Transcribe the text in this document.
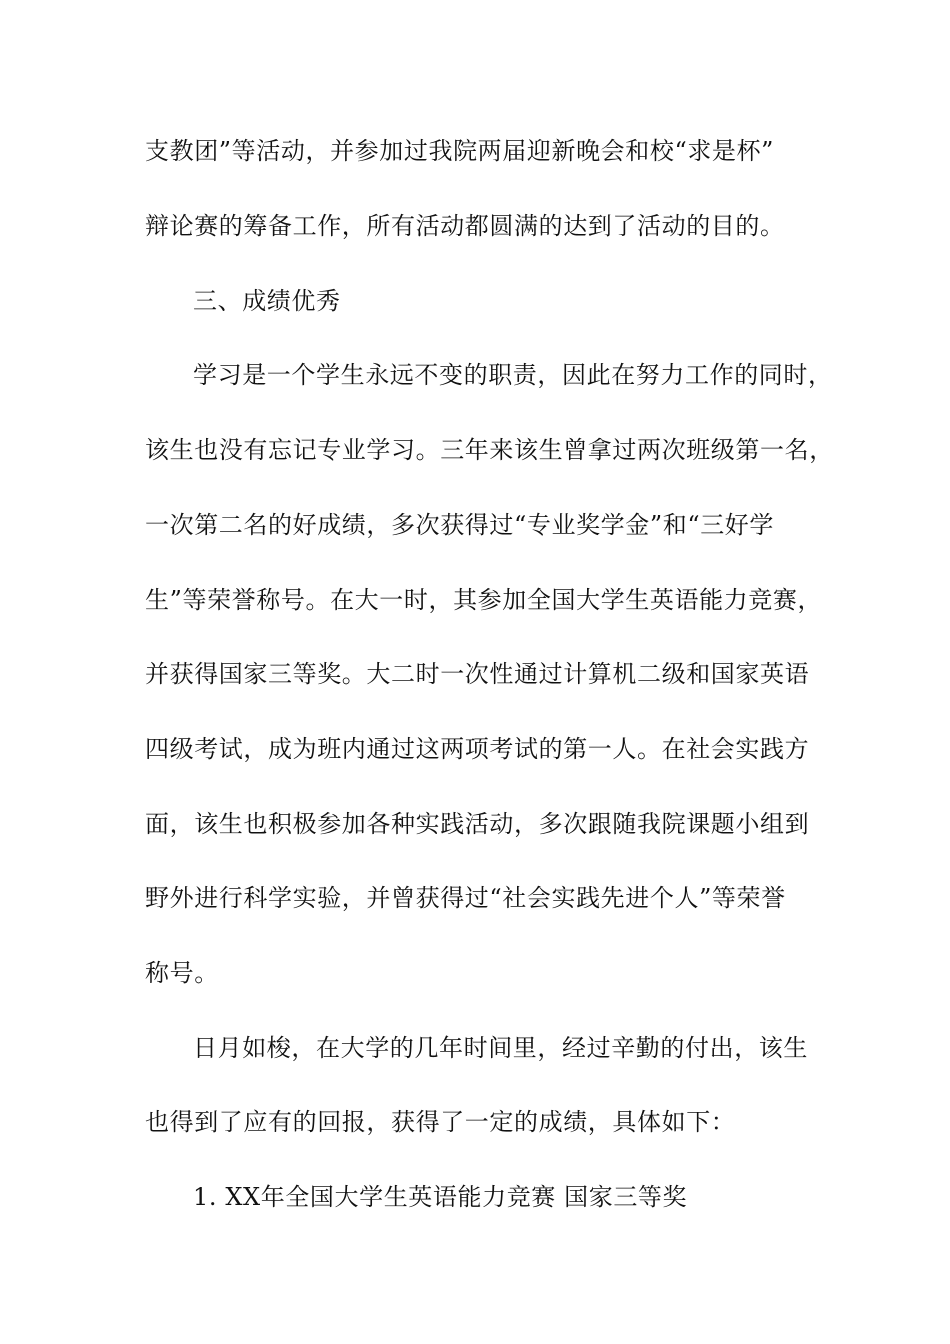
支教团”等活动，并参加过我院两届迎新晚会和校“求是杯”
辩论赛的筹备工作，所有活动都圆满的达到了活动的目的。
三、成绩优秀
学习是一个学生永远不变的职责，因此在努力工作的同时，
该生也没有忘记专业学习。三年来该生曾拿过两次班级第一名，
一次第二名的好成绩，多次获得过“专业奖学金”和“三好学
生”等荣誉称号。在大一时，其参加全国大学生英语能力竞赛，
并获得国家三等奖。大二时一次性通过计算机二级和国家英语
四级考试，成为班内通过这两项考试的第一人。在社会实践方
面，该生也积极参加各种实践活动，多次跟随我院课题小组到
野外进行科学实验，并曾获得过“社会实践先进个人”等荣誉
称号。
日月如梭，在大学的几年时间里，经过辛勤的付出，该生
也得到了应有的回报，获得了一定的成绩，具体如下：
1. XX年全国大学生英语能力竞赛 国家三等奖
